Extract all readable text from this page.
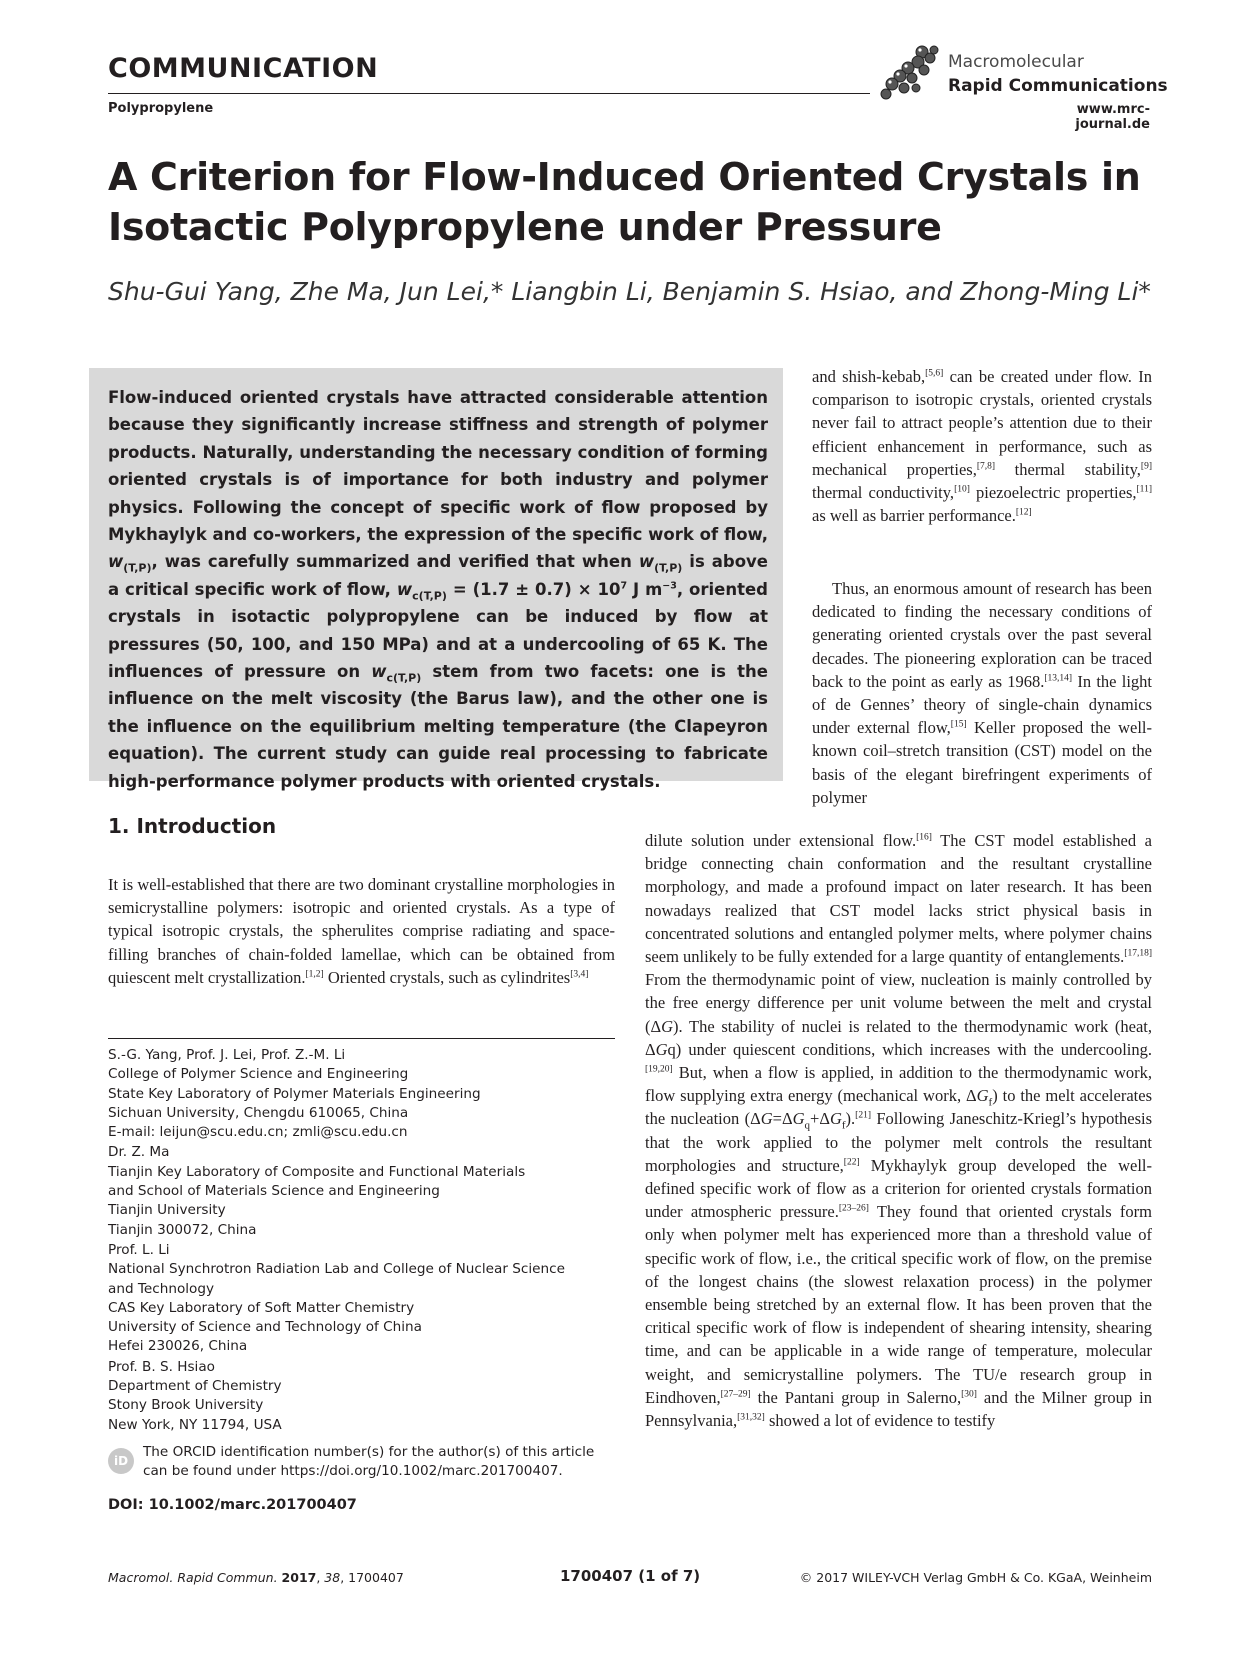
COMMUNICATION
Polypropylene
Macromolecular
Rapid Communications
www.mrc-journal.de
A Criterion for Flow-Induced Oriented Crystals in Isotactic Polypropylene under Pressure
Shu-Gui Yang, Zhe Ma, Jun Lei,* Liangbin Li, Benjamin S. Hsiao, and Zhong-Ming Li*
Flow-induced oriented crystals have attracted considerable attention because they significantly increase stiffness and strength of polymer products. Naturally, understanding the necessary condition of forming oriented crystals is of importance for both industry and polymer physics. Following the concept of specific work of flow proposed by Mykhaylyk and co-workers, the expression of the specific work of flow, $w_{(T,P)}$, was carefully summarized and verified that when $w_{(T,P)}$ is above a critical specific work of flow, $w_{c(T,P)} = (1.7 \pm 0.7) \times 10^7$ J $m^{-3}$, oriented crystals in isotactic polypropylene can be induced by flow at pressures (50, 100, and 150 MPa) and at a undercooling of 65 K. The influences of pressure on $w_{c(T,P)}$ stem from two facets: one is the influence on the melt viscosity (the Barus law), and the other one is the influence on the equilibrium melting temperature (the Clapeyron equation). The current study can guide real processing to fabricate high-performance polymer products with oriented crystals.
1. Introduction
It is well-established that there are two dominant crystalline morphologies in semicrystalline polymers: isotropic and oriented crystals. As a type of typical isotropic crystals, the spherulites comprise radiating and space-filling branches of chain-folded lamellae, which can be obtained from quiescent melt crystallization.[1,2] Oriented crystals, such as cylindrites[3,4]
and shish-kebab,[5,6] can be created under flow. In comparison to isotropic crystals, oriented crystals never fail to attract people’s attention due to their efficient enhancement in performance, such as mechanical properties,[7,8] thermal stability,[9] thermal conductivity,[10] piezoelectric properties,[11] as well as barrier performance.[12]
Thus, an enormous amount of research has been dedicated to finding the necessary conditions of generating oriented crystals over the past several decades. The pioneering exploration can be traced back to the point as early as 1968.[13,14] In the light of de Gennes’ theory of single-chain dynamics under external flow,[15] Keller proposed the well-known coil–stretch transition (CST) model on the basis of the elegant birefringent experiments of polymer
dilute solution under extensional flow.[16] The CST model established a bridge connecting chain conformation and the resultant crystalline morphology, and made a profound impact on later research. It has been nowadays realized that CST model lacks strict physical basis in concentrated solutions and entangled polymer melts, where polymer chains seem unlikely to be fully extended for a large quantity of entanglements.[17,18] From the thermodynamic point of view, nucleation is mainly controlled by the free energy difference per unit volume between the melt and crystal (ΔG). The stability of nuclei is related to the thermodynamic work (heat, ΔGq) under quiescent conditions, which increases with the undercooling.[19,20] But, when a flow is applied, in addition to the thermodynamic work, flow supplying extra energy (mechanical work, $\Delta G_f$) to the melt accelerates the nucleation $(\Delta G=\Delta G_q+\Delta G_f).[21]$ Following Janeschitz-Kriegl’s hypothesis that the work applied to the polymer melt controls the resultant morphologies and structure,[22] Mykhaylyk group developed the well-defined specific work of flow as a criterion for oriented crystals formation under atmospheric pressure.[23–26] They found that oriented crystals form only when polymer melt has experienced more than a threshold value of specific work of flow, i.e., the critical specific work of flow, on the premise of the longest chains (the slowest relaxation process) in the polymer ensemble being stretched by an external flow. It has been proven that the critical specific work of flow is independent of shearing intensity, shearing time, and can be applicable in a wide range of temperature, molecular weight, and semicrystalline polymers. The TU/e research group in Eindhoven,[27–29] the Pantani group in Salerno,[30] and the Milner group in Pennsylvania,[31,32] showed a lot of evidence to testify
S.-G. Yang, Prof. J. Lei, Prof. Z.-M. Li
College of Polymer Science and Engineering
State Key Laboratory of Polymer Materials Engineering
Sichuan University, Chengdu 610065, China
E-mail: leijun@scu.edu.cn; zmli@scu.edu.cn
Dr. Z. Ma
Tianjin Key Laboratory of Composite and Functional Materials
and School of Materials Science and Engineering
Tianjin University
Tianjin 300072, China
Prof. L. Li
National Synchrotron Radiation Lab and College of Nuclear Science
and Technology
CAS Key Laboratory of Soft Matter Chemistry
University of Science and Technology of China
Hefei 230026, China
Prof. B. S. Hsiao
Department of Chemistry
Stony Brook University
New York, NY 11794, USA
iD
The ORCID identification number(s) for the author(s) of this article can be found under https://doi.org/10.1002/marc.201700407.
DOI: 10.1002/marc.201700407
Macromol. Rapid Commun. 2017, 38, 1700407	1700407 (1 of 7)	© 2017 WILEY-VCH Verlag GmbH & Co. KGaA, Weinheim
